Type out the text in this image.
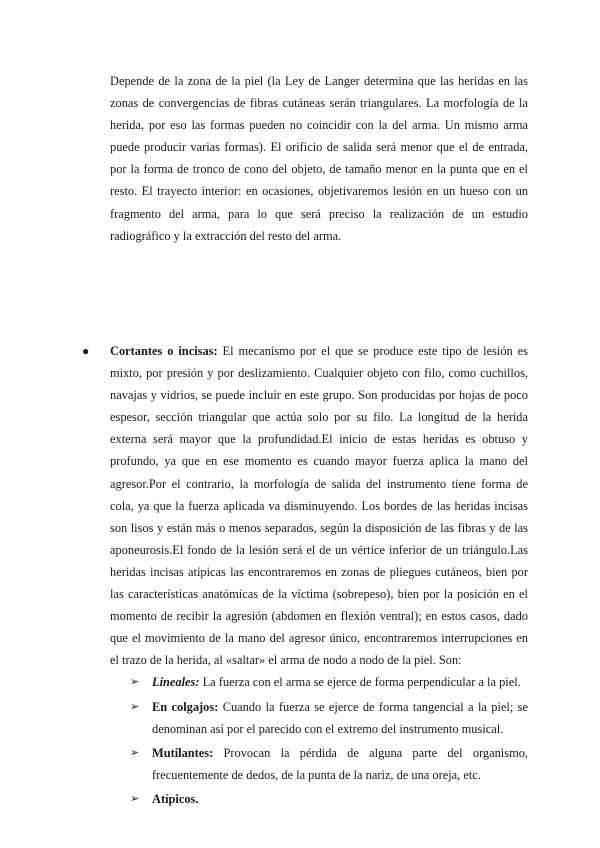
Depende de la zona de la piel (la Ley de Langer determina que las heridas en las zonas de convergencias de fibras cutáneas serán triangulares. La morfología de la herida, por eso las formas pueden no coincidir con la del arma. Un mismo arma puede producir varias formas). El orificio de salida será menor que el de entrada, por la forma de tronco de cono del objeto, de tamaño menor en la punta que en el resto. El trayecto interior: en ocasiones, objetivaremos lesión en un hueso con un fragmento del arma, para lo que será preciso la realización de un estudio radiográfico y la extracción del resto del arma.

●	Cortantes o incisas: El mecanismo por el que se produce este tipo de lesión es mixto, por presión y por deslizamiento. Cualquier objeto con filo, como cuchillos, navajas y vidrios, se puede incluir en este grupo. Son producidas por hojas de poco espesor, sección triangular que actúa solo por su filo. La longitud de la herida externa será mayor que la profundidad.El inicio de estas heridas es obtuso y profundo, ya que en ese momento es cuando mayor fuerza aplica la mano del agresor.Por el contrario, la morfología de salida del instrumento tiene forma de cola, ya que la fuerza aplicada va disminuyendo. Los bordes de las heridas incisas son lisos y están más o menos separados, según la disposición de las fibras y de las aponeurosis.El fondo de la lesión será el de un vértice inferior de un triángulo.Las heridas incisas atípicas las encontraremos en zonas de pliegues cutáneos, bien por las características anatómicas de la víctima (sobrepeso), bien por la posición en el momento de recibir la agresión (abdomen en flexión ventral); en estos casos, dado que el movimiento de la mano del agresor único, encontraremos interrupciones en el trazo de la herida, al «saltar» el arma de nodo a nodo de la piel. Son:

➢	Lineales: La fuerza con el arma se ejerce de forma perpendicular a la piel.

➢	En colgajos: Cuando la fuerza se ejerce de forma tangencial a la piel; se denominan así por el parecido con el extremo del instrumento musical.

➢	Mutilantes: Provocan la pérdida de alguna parte del organismo, frecuentemente de dedos, de la punta de la nariz, de una oreja, etc.

➢	Atípicos.
